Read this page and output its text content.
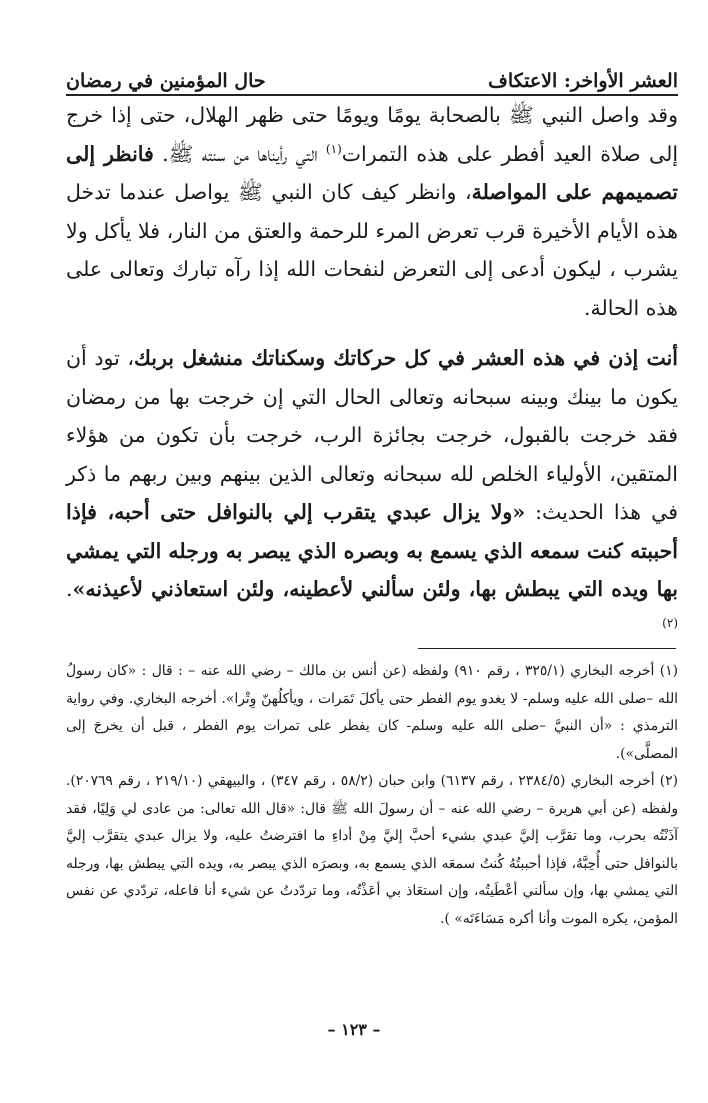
العشر الأواخر: الاعتكاف
حال المؤمنين في رمضان

وقد واصل النبي ﷺ بالصحابة يومًا ويومًا حتى ظهر الهلال، حتى إذا خرج إلى صلاة العيد أفطر على هذه التمرات$^{(١)}$ التي رأيناها من سنته ﷺ. فانظر إلى تصميمهم على المواصلة، وانظر كيف كان النبي ﷺ يواصل عندما تدخل هذه الأيام الأخيرة قرب تعرض المرء للرحمة والعتق من النار، فلا يأكل ولا يشرب ، ليكون أدعى إلى التعرض لنفحات الله إذا رآه تبارك وتعالى على هذه الحالة.

أنت إذن في هذه العشر في كل حركاتك وسكناتك منشغل بربك، تود أن يكون ما بينك وبينه سبحانه وتعالى الحال التي إن خرجت بها من رمضان فقد خرجت بالقبول، خرجت بجائزة الرب، خرجت بأن تكون من هؤلاء المتقين، الأولياء الخلص لله سبحانه وتعالى الذين بينهم وبين ربهم ما ذكر في هذا الحديث: «ولا يزال عبدي يتقرب إلي بالنوافل حتى أحبه، فإذا أحببته كنت سمعه الذي يسمع به وبصره الذي يبصر به ورجله التي يمشي بها ويده التي يبطش بها، ولئن سألني لأعطينه، ولئن استعاذني لأعيذنه».$^{(٢)}$

(١) أخرجه البخاري (٣٢٥/١ ، رقم ٩١٠) ولفظه (عن أنس بن مالك – رضي الله عنه – : قال : «كان رسولُ الله –صلى الله عليه وسلم- لا يغدو يوم الفطر حتى يأكلَ تَمَرات ، ويأكلُهنّ وِتْرا». أخرجه البخاري. وفي رواية الترمذي : «أن النبيَّ –صلى الله عليه وسلم- كان يفطر على تمرات يوم الفطر ، قبل أن يخرجَ إلى المصلَّى»).

(٢) أخرجه البخاري (٢٣٨٤/٥ ، رقم ٦١٣٧) وابن حبان (٥٨/٢ ، رقم ٣٤٧) ، والبيهقي (٢١٩/١٠ ، رقم ٢٠٧٦٩). ولفظه (عن أبي هريرة – رضي الله عنه – أن رسولَ الله ﷺ قال: «قال الله تعالى: من عادى لي وَلِيًا، فقد آذَنْتُه بحرب، وما تقرَّب إليَّ عبدي بشيء أحبَّ إليَّ مِنْ أداءِ ما افترضتُ عليه، ولا يزال عبدي يتقرَّب إليَّ بالنوافل حتى أُحِبَّهُ، فإذا أحببتُهُ كُنتُ سمعَه الذي يسمع به، وبصرَه الذي يبصر به، ويده التي يبطش بها، ورجله التي يمشي بها، وإن سألني أعْطَيتُه، وإن استعَاذ بي أعَذْتُه، وما تردّدتُ عن شيء أنا فاعله، تردّدي عن نفس المؤمن، يكره الموت وأنا أكره مَسَاءَتَه» ).

– ١٢٣ –
